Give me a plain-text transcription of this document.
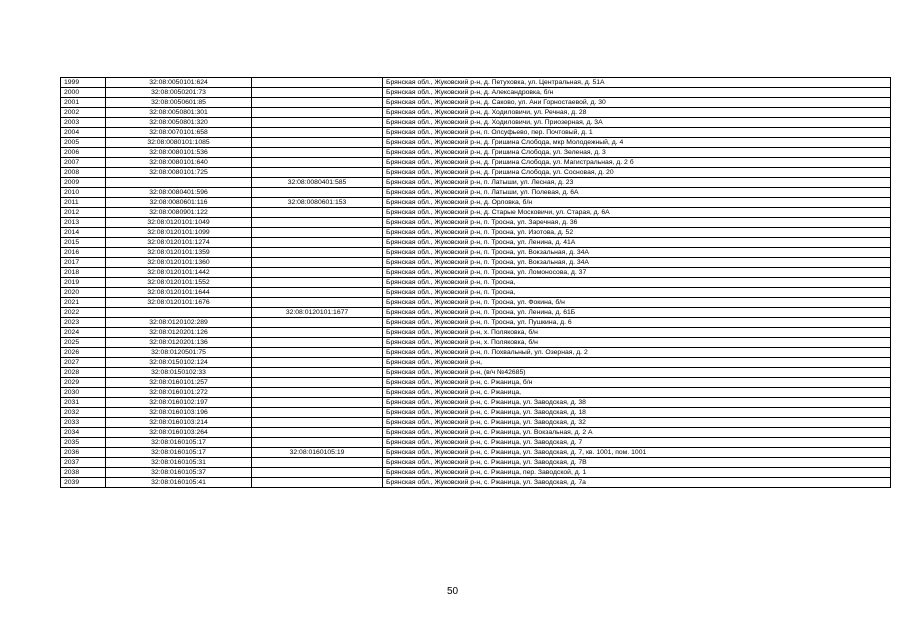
1999	32:08:0050101:624		Брянская обл., Жуковский р-н, д. Петуховка, ул. Центральная, д. 51А
2000	32:08:0050201:73		Брянская обл., Жуковский р-н, д. Александровка, б/н
2001	32:08:0050601:85		Брянская обл., Жуковский р-н, д. Саково, ул. Ани Горностаевой, д. 30
2002	32:08:0050801:301		Брянская обл., Жуковский р-н, д. Ходиловичи, ул. Речная, д. 28
2003	32:08:0050801:320		Брянская обл., Жуковский р-н, д. Ходиловичи, ул. Приозерная, д. 3А
2004	32:08:0070101:658		Брянская обл., Жуковский р-н, п. Олсуфьево, пер. Почтовый, д. 1
2005	32:08:0080101:1085		Брянская обл., Жуковский р-н, д. Гришина Слобода, мкр Молодежный, д. 4
2006	32:08:0080101:536		Брянская обл., Жуковский р-н, д. Гришина Слобода, ул. Зеленая, д. 3
2007	32:08:0080101:640		Брянская обл., Жуковский р-н, д. Гришина Слобода, ул. Магистральная, д. 2 б
2008	32:08:0080101:725		Брянская обл., Жуковский р-н, д. Гришина Слобода, ул. Сосновая, д. 20
2009		32:08:0080401:585	Брянская обл., Жуковский р-н, п. Латыши, ул. Лесная, д. 23
2010	32:08:0080401:596		Брянская обл., Жуковский р-н, п. Латыши, ул. Полевая, д. 6А
2011	32:08:0080601:116	32:08:0080601:153	Брянская обл., Жуковский р-н, д. Орловка, б/н
2012	32:08:0080901:122		Брянская обл., Жуковский р-н, д. Старые Московичи, ул. Старая, д. 6А
2013	32:08:0120101:1049		Брянская обл., Жуковский р-н, п. Тросна, ул. Заречная, д. 36
2014	32:08:0120101:1099		Брянская обл., Жуковский р-н, п. Тросна, ул. Изотова, д. 52
2015	32:08:0120101:1274		Брянская обл., Жуковский р-н, п. Тросна, ул. Ленина, д. 41А
2016	32:08:0120101:1359		Брянская обл., Жуковский р-н, п. Тросна, ул. Вокзальная, д. 34А
2017	32:08:0120101:1360		Брянская обл., Жуковский р-н, п. Тросна, ул. Вокзальная, д. 34А
2018	32:08:0120101:1442		Брянская обл., Жуковский р-н, п. Тросна, ул. Ломоносова, д. 37
2019	32:08:0120101:1552		Брянская обл., Жуковский р-н, п. Тросна,
2020	32:08:0120101:1644		Брянская обл., Жуковский р-н, п. Тросна,
2021	32:08:0120101:1676		Брянская обл., Жуковский р-н, п. Тросна, ул. Фокина, б/н
2022		32:08:0120101:1677	Брянская обл., Жуковский р-н, п. Тросна, ул. Ленина, д. 61Б
2023	32:08:0120102:289		Брянская обл., Жуковский р-н, п. Тросна, ул. Пушкина, д. 6
2024	32:08:0120201:126		Брянская обл., Жуковский р-н, х. Поляковка, б/н
2025	32:08:0120201:136		Брянская обл., Жуковский р-н, х. Поляковка, б/н
2026	32:08:0120501:75		Брянская обл., Жуковский р-н, п. Похвальный, ул. Озерная, д. 2
2027	32:08:0150102:124		Брянская обл., Жуковский р-н,
2028	32:08:0150102:33		Брянская обл., Жуковский р-н, (в/ч №42685)
2029	32:08:0160101:257		Брянская обл., Жуковский р-н, с. Ржаница, б/н
2030	32:08:0160101:272		Брянская обл., Жуковский р-н, с. Ржаница,
2031	32:08:0160102:197		Брянская обл., Жуковский р-н, с. Ржаница, ул. Заводская, д. 38
2032	32:08:0160103:196		Брянская обл., Жуковский р-н, с. Ржаница, ул. Заводская, д. 18
2033	32:08:0160103:214		Брянская обл., Жуковский р-н, с. Ржаница, ул. Заводская, д. 32
2034	32:08:0160103:264		Брянская обл., Жуковский р-н, с. Ржаница, ул. Вокзальная, д. 2 А
2035	32:08:0160105:17		Брянская обл., Жуковский р-н, с. Ржаница, ул. Заводская, д. 7
2036	32:08:0160105:17	32:08:0160105:19	Брянская обл., Жуковский р-н, с. Ржаница, ул. Заводская, д. 7, кв. 1001, пом. 1001
2037	32:08:0160105:31		Брянская обл., Жуковский р-н, с. Ржаница, ул. Заводская, д. 7В
2038	32:08:0160105:37		Брянская обл., Жуковский р-н, с. Ржаница, пер. Заводской, д. 1
2039	32:08:0160105:41		Брянская обл., Жуковский р-н, с. Ржаница, ул. Заводская, д. 7а
50
